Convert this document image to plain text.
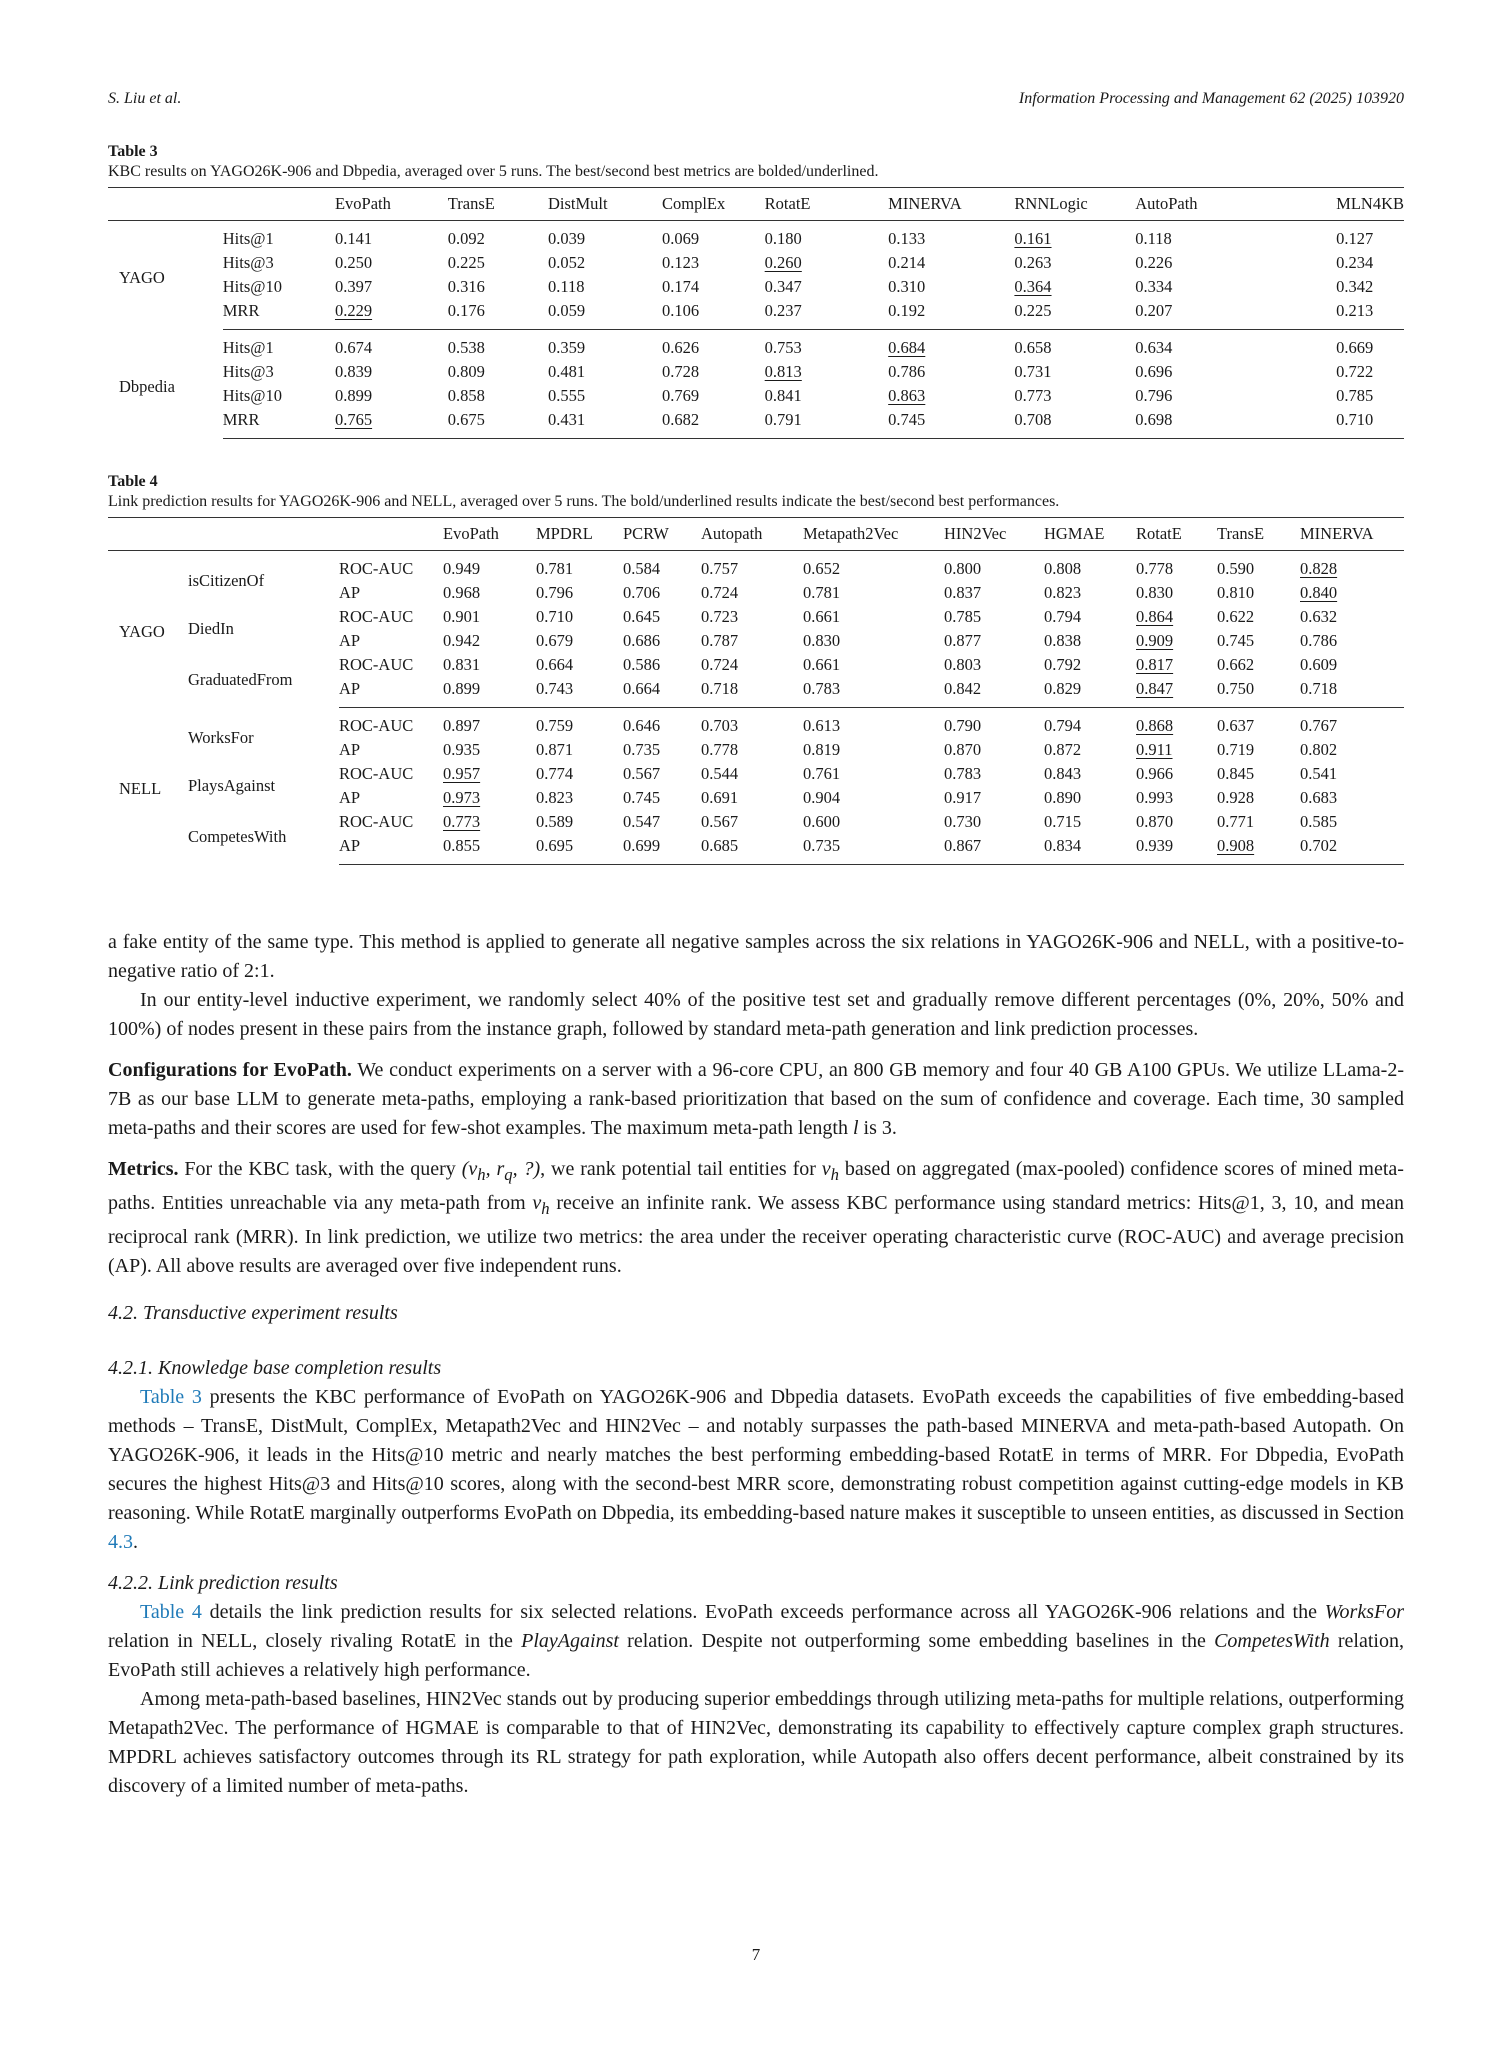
S. Liu et al.	Information Processing and Management 62 (2025) 103920
Table 3
KBC results on YAGO26K-906 and Dbpedia, averaged over 5 runs. The best/second best metrics are bolded/underlined.
		EvoPath	TransE	DistMult	ComplEx	RotatE	MINERVA	RNNLogic	AutoPath	MLN4KB
YAGO	Hits@1	0.141	0.092	0.039	0.069	0.180	0.133	0.161	0.118	0.127
	Hits@3	0.250	0.225	0.052	0.123	0.260	0.214	0.263	0.226	0.234
	Hits@10	0.397	0.316	0.118	0.174	0.347	0.310	0.364	0.334	0.342
	MRR	0.229	0.176	0.059	0.106	0.237	0.192	0.225	0.207	0.213
Dbpedia	Hits@1	0.674	0.538	0.359	0.626	0.753	0.684	0.658	0.634	0.669
	Hits@3	0.839	0.809	0.481	0.728	0.813	0.786	0.731	0.696	0.722
	Hits@10	0.899	0.858	0.555	0.769	0.841	0.863	0.773	0.796	0.785
	MRR	0.765	0.675	0.431	0.682	0.791	0.745	0.708	0.698	0.710
Table 4
Link prediction results for YAGO26K-906 and NELL, averaged over 5 runs. The bold/underlined results indicate the best/second best performances.
			EvoPath	MPDRL	PCRW	Autopath	Metapath2Vec	HIN2Vec	HGMAE	RotatE	TransE	MINERVA
YAGO	isCitizenOf	ROC-AUC	0.949	0.781	0.584	0.757	0.652	0.800	0.808	0.778	0.590	0.828
		AP	0.968	0.796	0.706	0.724	0.781	0.837	0.823	0.830	0.810	0.840
	DiedIn	ROC-AUC	0.901	0.710	0.645	0.723	0.661	0.785	0.794	0.864	0.622	0.632
		AP	0.942	0.679	0.686	0.787	0.830	0.877	0.838	0.909	0.745	0.786
	GraduatedFrom	ROC-AUC	0.831	0.664	0.586	0.724	0.661	0.803	0.792	0.817	0.662	0.609
		AP	0.899	0.743	0.664	0.718	0.783	0.842	0.829	0.847	0.750	0.718
NELL	WorksFor	ROC-AUC	0.897	0.759	0.646	0.703	0.613	0.790	0.794	0.868	0.637	0.767
		AP	0.935	0.871	0.735	0.778	0.819	0.870	0.872	0.911	0.719	0.802
	PlaysAgainst	ROC-AUC	0.957	0.774	0.567	0.544	0.761	0.783	0.843	0.966	0.845	0.541
		AP	0.973	0.823	0.745	0.691	0.904	0.917	0.890	0.993	0.928	0.683
	CompetesWith	ROC-AUC	0.773	0.589	0.547	0.567	0.600	0.730	0.715	0.870	0.771	0.585
		AP	0.855	0.695	0.699	0.685	0.735	0.867	0.834	0.939	0.908	0.702

a fake entity of the same type. This method is applied to generate all negative samples across the six relations in YAGO26K-906 and NELL, with a positive-to-negative ratio of 2:1.

In our entity-level inductive experiment, we randomly select 40% of the positive test set and gradually remove different percentages (0%, 20%, 50% and 100%) of nodes present in these pairs from the instance graph, followed by standard meta-path generation and link prediction processes.

Configurations for EvoPath. We conduct experiments on a server with a 96-core CPU, an 800 GB memory and four 40 GB A100 GPUs. We utilize LLama-2-7B as our base LLM to generate meta-paths, employing a rank-based prioritization that based on the sum of confidence and coverage. Each time, 30 sampled meta-paths and their scores are used for few-shot examples. The maximum meta-path length l is 3.

Metrics. For the KBC task, with the query ($v_h$, $r_q$, ?), we rank potential tail entities for $v_h$ based on aggregated (max-pooled) confidence scores of mined meta-paths. Entities unreachable via any meta-path from $v_h$ receive an infinite rank. We assess KBC performance using standard metrics: Hits@1, 3, 10, and mean reciprocal rank (MRR). In link prediction, we utilize two metrics: the area under the receiver operating characteristic curve (ROC-AUC) and average precision (AP). All above results are averaged over five independent runs.

4.2. Transductive experiment results

4.2.1. Knowledge base completion results

Table 3 presents the KBC performance of EvoPath on YAGO26K-906 and Dbpedia datasets. EvoPath exceeds the capabilities of five embedding-based methods – TransE, DistMult, ComplEx, Metapath2Vec and HIN2Vec – and notably surpasses the path-based MINERVA and meta-path-based Autopath. On YAGO26K-906, it leads in the Hits@10 metric and nearly matches the best performing embedding-based RotatE in terms of MRR. For Dbpedia, EvoPath secures the highest Hits@3 and Hits@10 scores, along with the second-best MRR score, demonstrating robust competition against cutting-edge models in KB reasoning. While RotatE marginally outperforms EvoPath on Dbpedia, its embedding-based nature makes it susceptible to unseen entities, as discussed in Section 4.3.

4.2.2. Link prediction results

Table 4 details the link prediction results for six selected relations. EvoPath exceeds performance across all YAGO26K-906 relations and the WorksFor relation in NELL, closely rivaling RotatE in the PlayAgainst relation. Despite not outperforming some embedding baselines in the CompetesWith relation, EvoPath still achieves a relatively high performance.

Among meta-path-based baselines, HIN2Vec stands out by producing superior embeddings through utilizing meta-paths for multiple relations, outperforming Metapath2Vec. The performance of HGMAE is comparable to that of HIN2Vec, demonstrating its capability to effectively capture complex graph structures. MPDRL achieves satisfactory outcomes through its RL strategy for path exploration, while Autopath also offers decent performance, albeit constrained by its discovery of a limited number of meta-paths.

7
